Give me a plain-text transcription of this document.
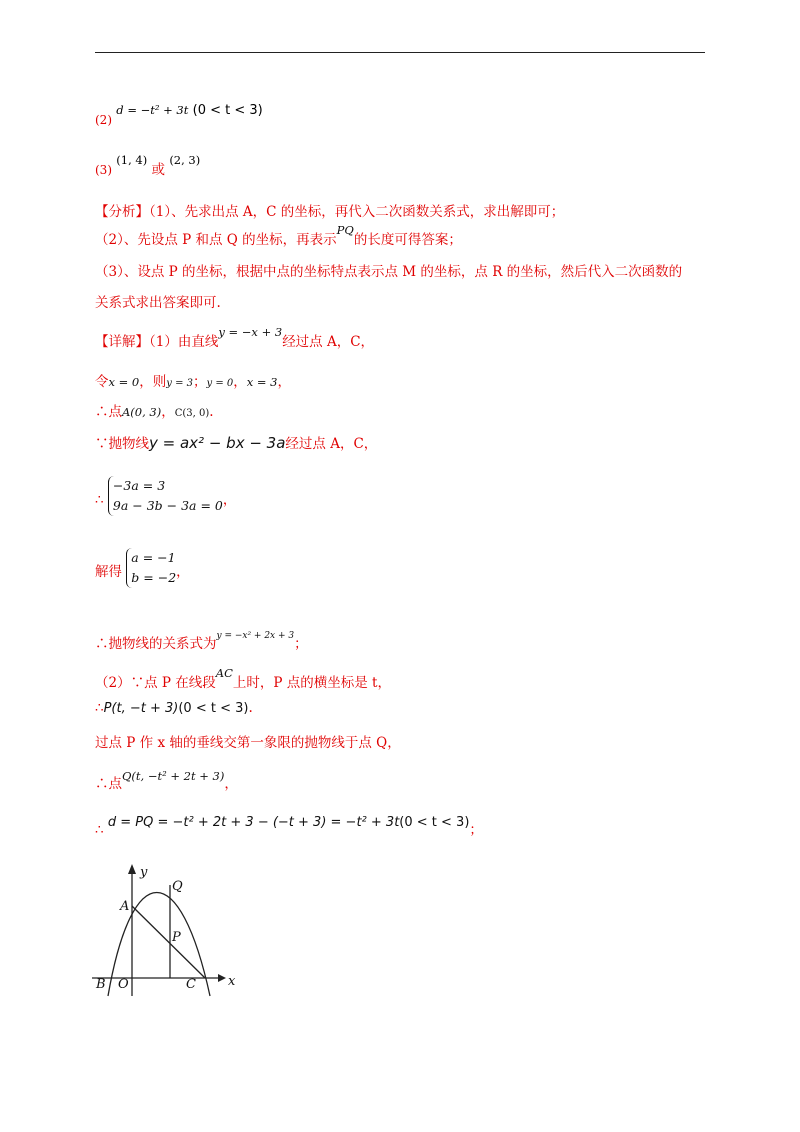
(2) d = −t² + 3t (0 < t < 3)
(3) (1, 4) 或 (2, 3)
【分析】（1）、先求出点 A，C 的坐标，再代入二次函数关系式，求出解即可；
（2）、先设点 P 和点 Q 的坐标，再表示PQ的长度可得答案；
（3）、设点 P 的坐标，根据中点的坐标特点表示点 M 的坐标，点 R 的坐标，然后代入二次函数的
关系式求出答案即可.
【详解】（1）由直线y = −x + 3经过点 A，C，
令x = 0，则y = 3；y = 0，x = 3，
∴点A(0, 3)，C(3, 0).
∵抛物线y = ax² − bx − 3a经过点 A，C，
∴ −3a = 3
9a − 3b − 3a = 0，
解得 a = −1
b = −2，
∴抛物线的关系式为$^{y = -x^2 + 2x + 3}$；
（2）∵点 P 在线段AC上时，P 点的横坐标是 t，
∴P(t, −t + 3)(0 < t < 3).
过点 P 作 x 轴的垂线交第一象限的抛物线于点 Q，
∴点Q(t, −t² + 2t + 3)，
∴ d = PQ = −t² + 2t + 3 − (−t + 3) = −t² + 3t(0 < t < 3)；
y
x
Q
A
P
B O	C
